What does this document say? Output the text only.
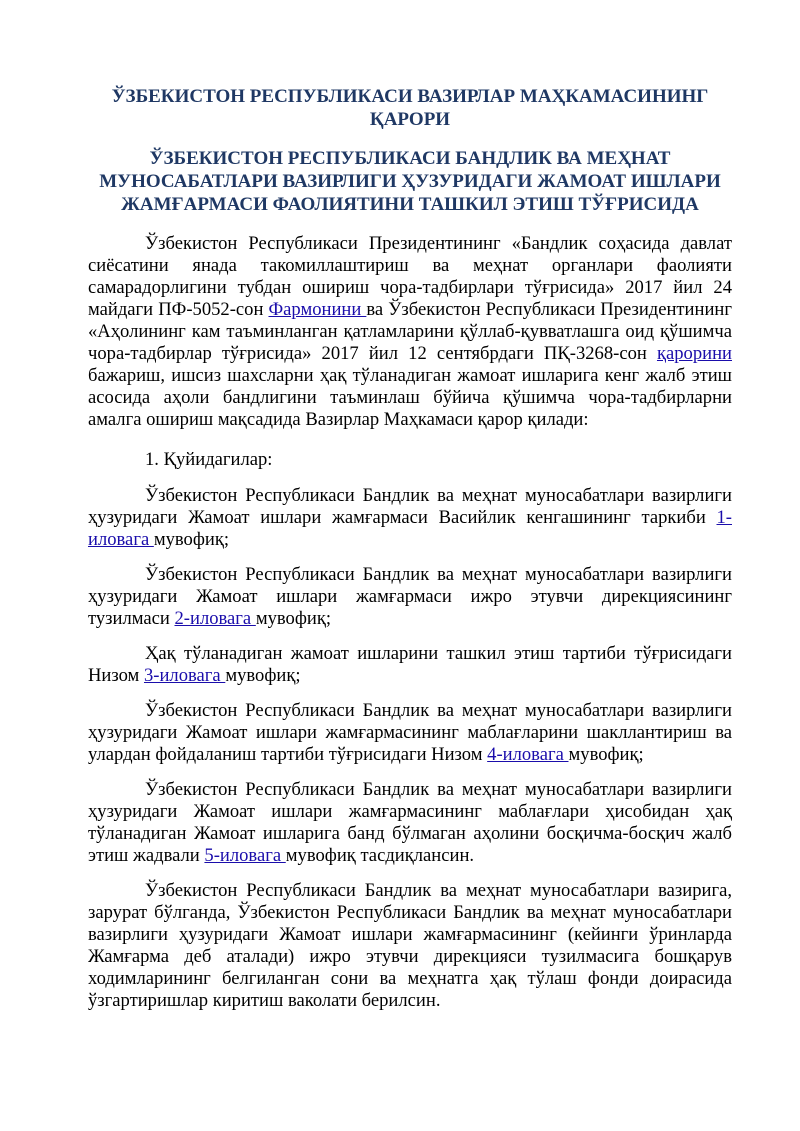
ЎЗБЕКИСТОН РЕСПУБЛИКАСИ ВАЗИРЛАР МАҲКАМАСИНИНГ
ҚАРОРИ
ЎЗБЕКИСТОН РЕСПУБЛИКАСИ БАНДЛИК ВА МЕҲНАТ
МУНОСАБАТЛАРИ ВАЗИРЛИГИ ҲУЗУРИДАГИ ЖАМОАТ ИШЛАРИ
ЖАМҒАРМАСИ ФАОЛИЯТИНИ ТАШКИЛ ЭТИШ ТЎҒРИСИДА

Ўзбекистон Республикаси Президентининг «Бандлик соҳасида давлат сиёсатини янада такомиллаштириш ва меҳнат органлари фаолияти самарадорлигини тубдан ошириш чора-тадбирлари тўғрисида» 2017 йил 24 майдаги ПФ-5052-сон Фармонини ва Ўзбекистон Республикаси Президентининг «Аҳолининг кам таъминланган қатламларини қўллаб-қувватлашга оид қўшимча чора-тадбирлар тўғрисида» 2017 йил 12 сентябрдаги ПҚ-3268-сон қарорини бажариш, ишсиз шахсларни ҳақ тўланадиган жамоат ишларига кенг жалб этиш асосида аҳоли бандлигини таъминлаш бўйича қўшимча чора-тадбирларни амалга ошириш мақсадида Вазирлар Маҳкамаси қарор қилади:

1. Қуйидагилар:

Ўзбекистон Республикаси Бандлик ва меҳнат муносабатлари вазирлиги ҳузуридаги Жамоат ишлари жамғармаси Васийлик кенгашининг таркиби 1-иловага мувофиқ;

Ўзбекистон Республикаси Бандлик ва меҳнат муносабатлари вазирлиги ҳузуридаги Жамоат ишлари жамғармаси ижро этувчи дирекциясининг тузилмаси 2-иловага мувофиқ;

Ҳақ тўланадиган жамоат ишларини ташкил этиш тартиби тўғрисидаги Низом 3-иловага мувофиқ;

Ўзбекистон Республикаси Бандлик ва меҳнат муносабатлари вазирлиги ҳузуридаги Жамоат ишлари жамғармасининг маблағларини шакллантириш ва улардан фойдаланиш тартиби тўғрисидаги Низом 4-иловага мувофиқ;

Ўзбекистон Республикаси Бандлик ва меҳнат муносабатлари вазирлиги ҳузуридаги Жамоат ишлари жамғармасининг маблағлари ҳисобидан ҳақ тўланадиган Жамоат ишларига банд бўлмаган аҳолини босқичма-босқич жалб этиш жадвали 5-иловага мувофиқ тасдиқлансин.

Ўзбекистон Республикаси Бандлик ва меҳнат муносабатлари вазирига, зарурат бўлганда, Ўзбекистон Республикаси Бандлик ва меҳнат муносабатлари вазирлиги ҳузуридаги Жамоат ишлари жамғармасининг (кейинги ўринларда Жамғарма деб аталади) ижро этувчи дирекцияси тузилмасига бошқарув ходимларининг белгиланган сони ва меҳнатга ҳақ тўлаш фонди доирасида ўзгартиришлар киритиш ваколати берилсин.
